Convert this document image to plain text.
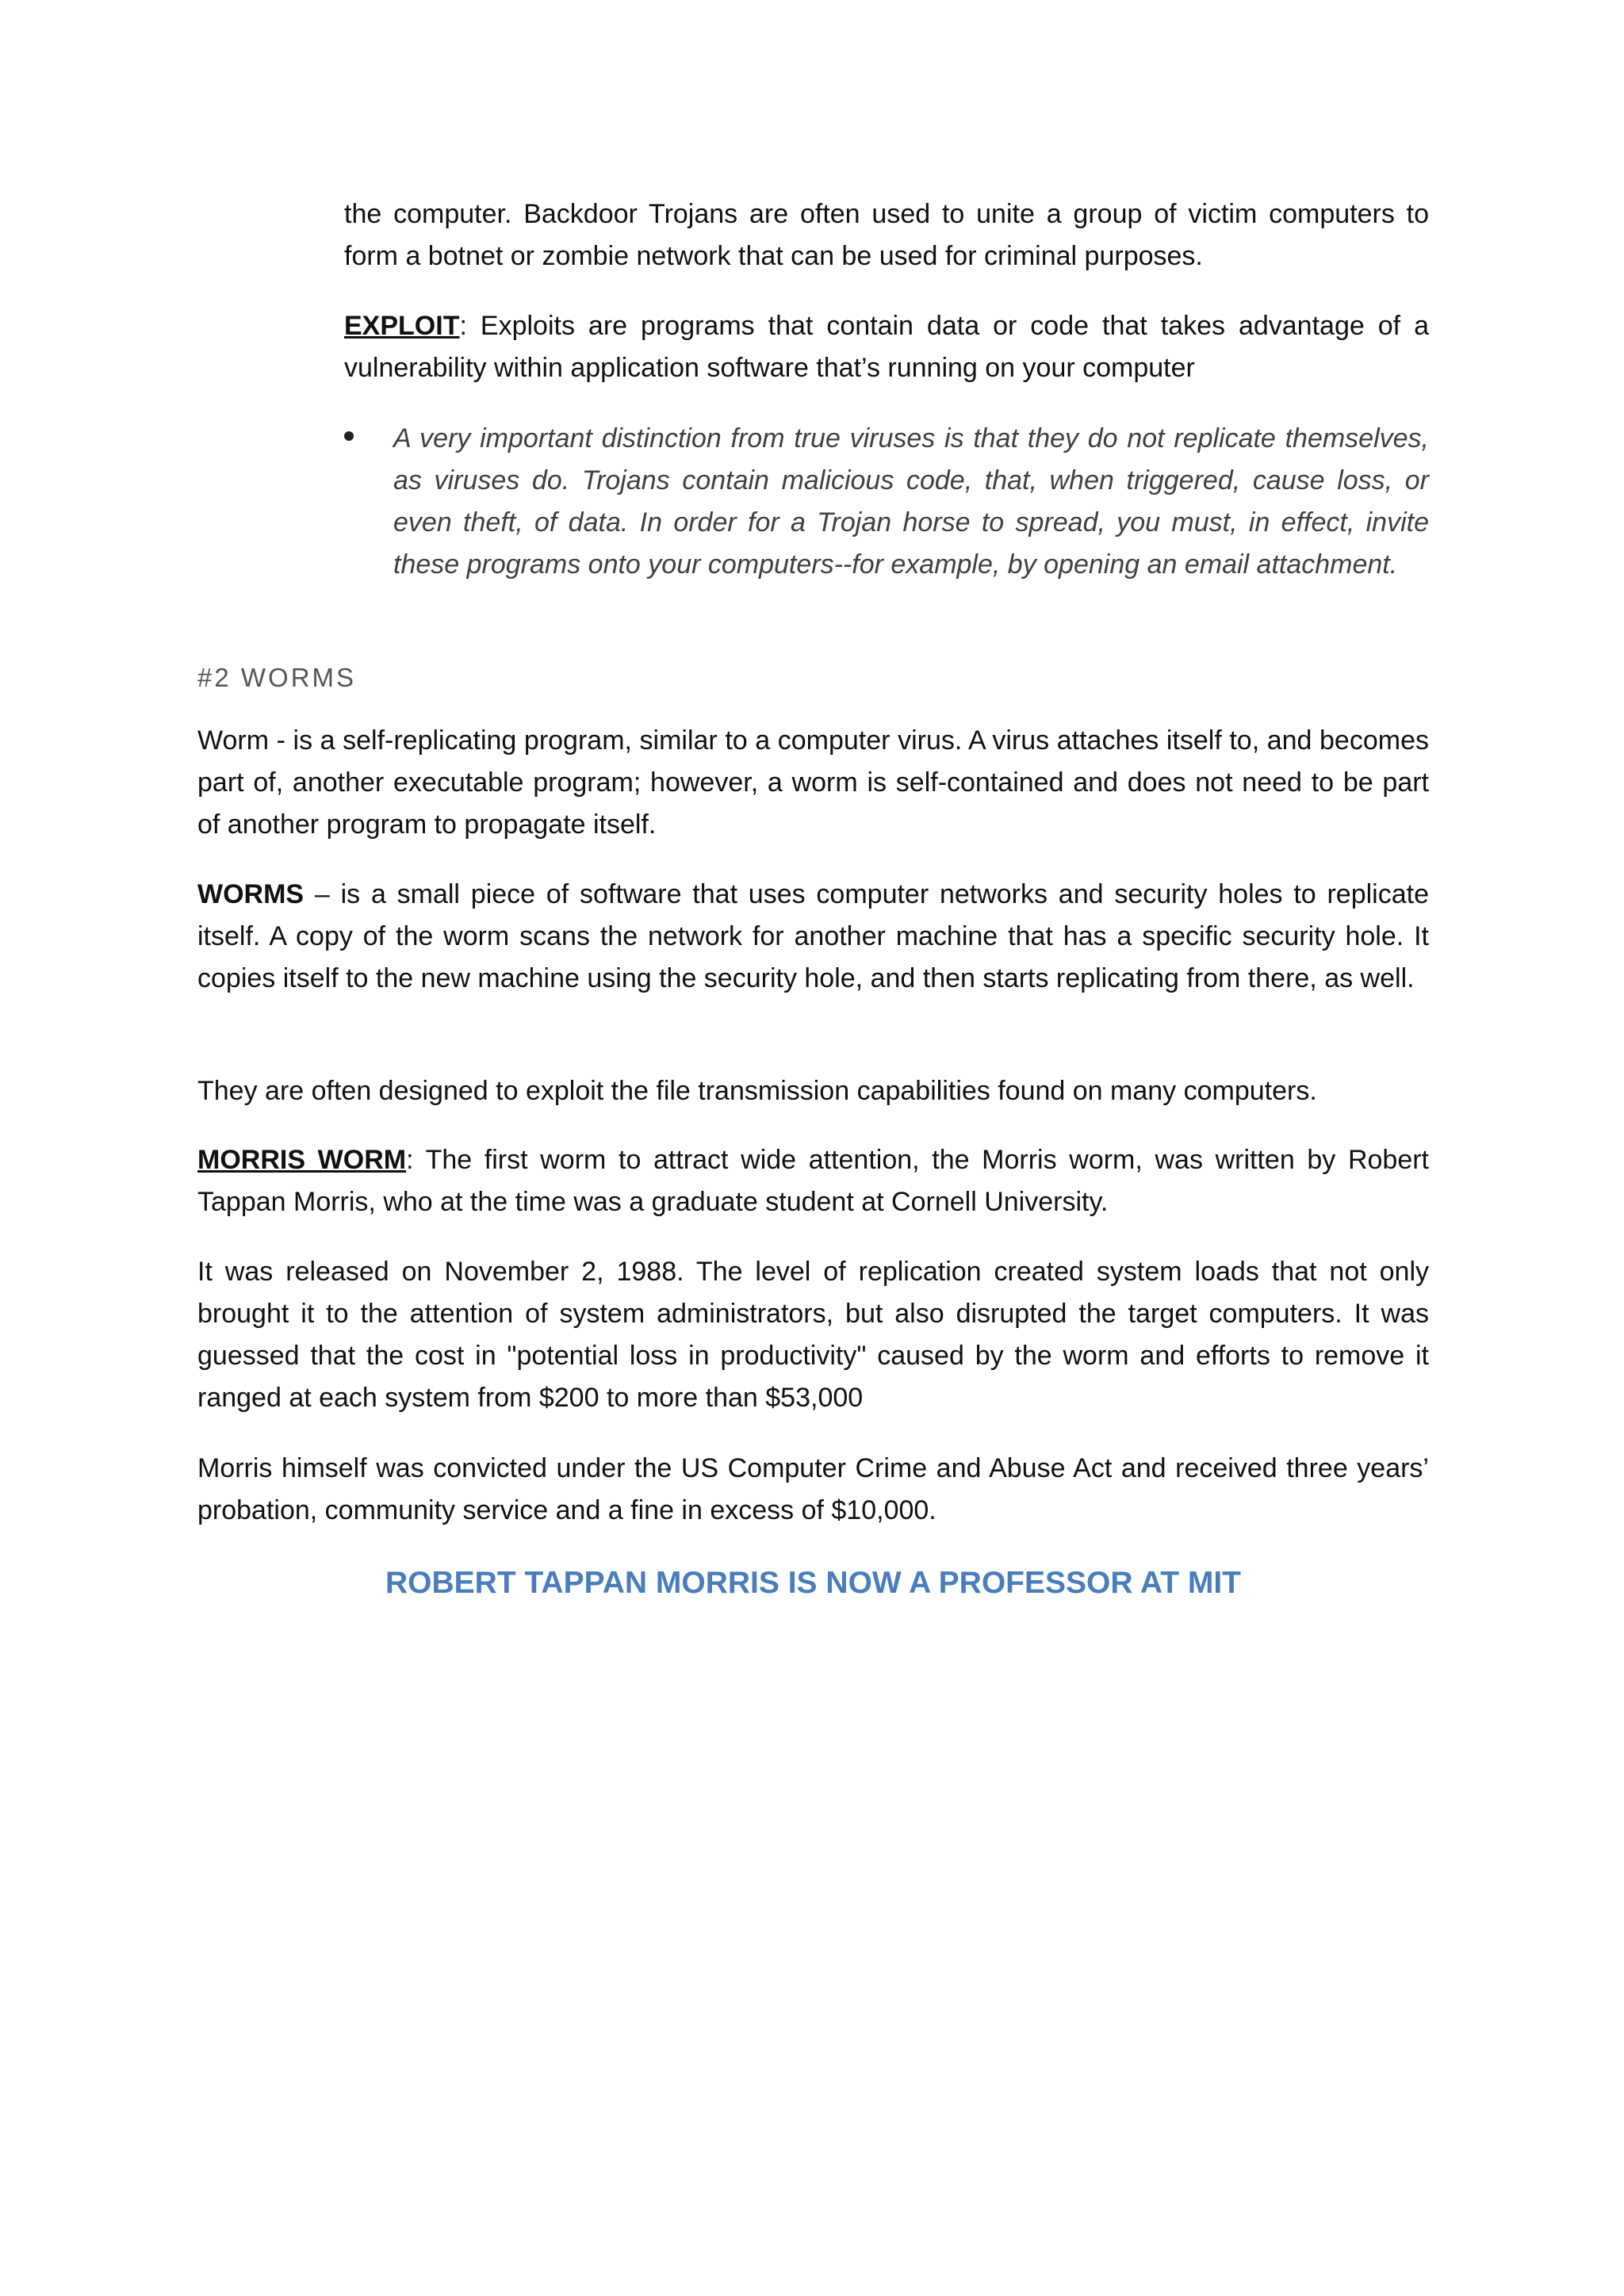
the computer. Backdoor Trojans are often used to unite a group of victim computers to form a botnet or zombie network that can be used for criminal purposes.

EXPLOIT: Exploits are programs that contain data or code that takes advantage of a vulnerability within application software that’s running on your computer

A very important distinction from true viruses is that they do not replicate themselves, as viruses do. Trojans contain malicious code, that, when triggered, cause loss, or even theft, of data. In order for a Trojan horse to spread, you must, in effect, invite these programs onto your computers--for example, by opening an email attachment.

#2 WORMS

Worm - is a self-replicating program, similar to a computer virus. A virus attaches itself to, and becomes part of, another executable program; however, a worm is self-contained and does not need to be part of another program to propagate itself.

WORMS – is a small piece of software that uses computer networks and security holes to replicate itself. A copy of the worm scans the network for another machine that has a specific security hole. It copies itself to the new machine using the security hole, and then starts replicating from there, as well.

They are often designed to exploit the file transmission capabilities found on many computers.

MORRIS WORM: The first worm to attract wide attention, the Morris worm, was written by Robert Tappan Morris, who at the time was a graduate student at Cornell University.

It was released on November 2, 1988. The level of replication created system loads that not only brought it to the attention of system administrators, but also disrupted the target computers. It was guessed that the cost in "potential loss in productivity" caused by the worm and efforts to remove it ranged at each system from $200 to more than $53,000

Morris himself was convicted under the US Computer Crime and Abuse Act and received three years’ probation, community service and a fine in excess of $10,000.

ROBERT TAPPAN MORRIS IS NOW A PROFESSOR AT MIT
